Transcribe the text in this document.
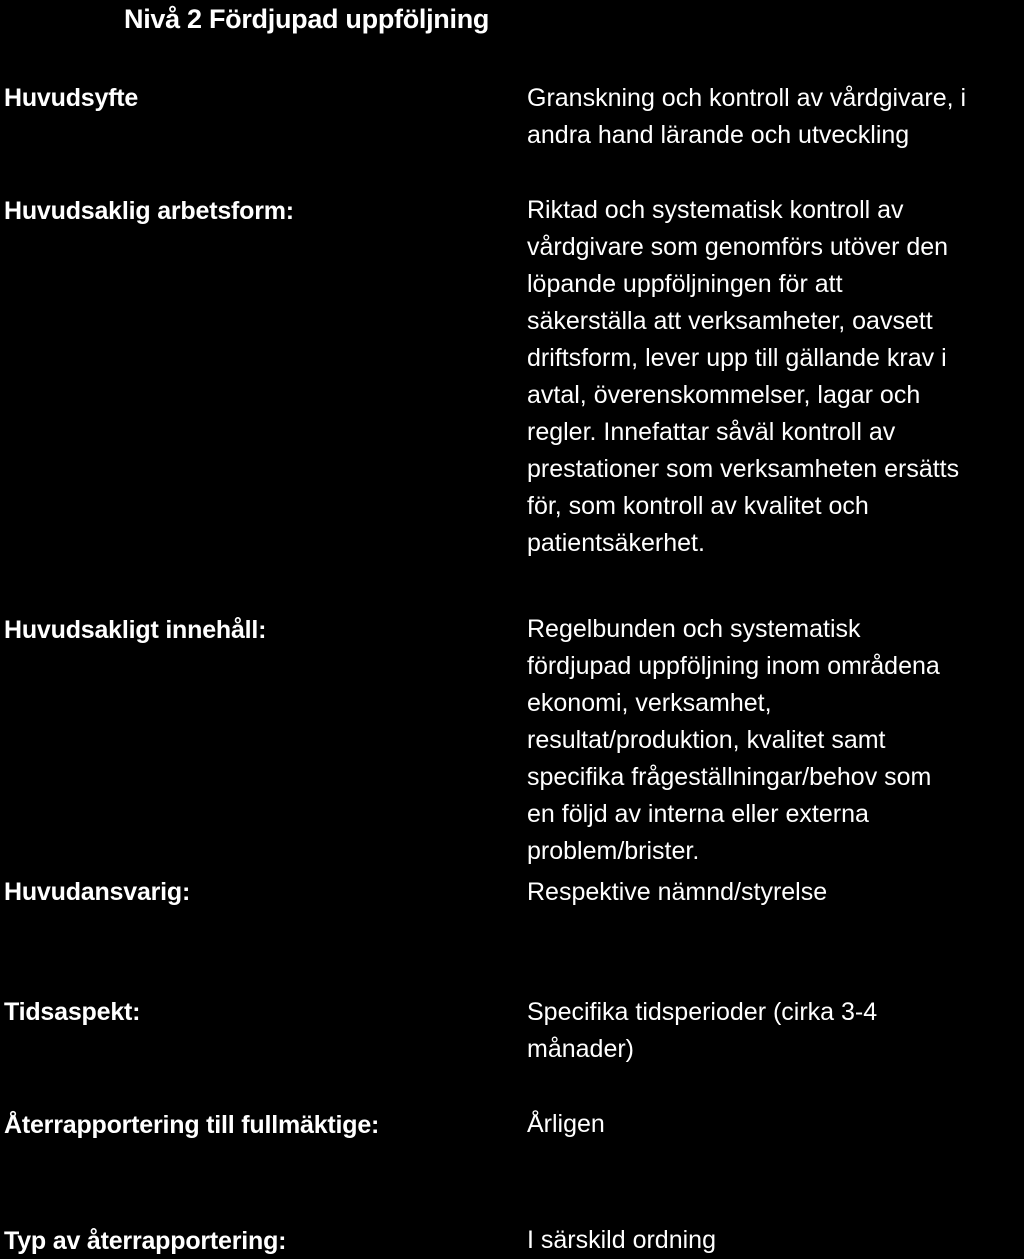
Nivå 2 Fördjupad uppföljning
Huvudsyfte	Granskning och kontroll av vårdgivare, i
andra hand lärande och utveckling
Huvudsaklig arbetsform:	Riktad och systematisk kontroll av
vårdgivare som genomförs utöver den
löpande uppföljningen för att
säkerställa att verksamheter, oavsett
driftsform, lever upp till gällande krav i
avtal, överenskommelser, lagar och
regler. Innefattar såväl kontroll av
prestationer som verksamheten ersätts
för, som kontroll av kvalitet och
patientsäkerhet.
Huvudsakligt innehåll:	Regelbunden och systematisk
fördjupad uppföljning inom områdena
ekonomi, verksamhet,
resultat/produktion, kvalitet samt
specifika frågeställningar/behov som
en följd av interna eller externa
problem/brister.
Huvudansvarig:	Respektive nämnd/styrelse
Tidsaspekt:	Specifika tidsperioder (cirka 3-4
månader)
Återrapportering till fullmäktige:	Årligen
Typ av återrapportering:	I särskild ordning
